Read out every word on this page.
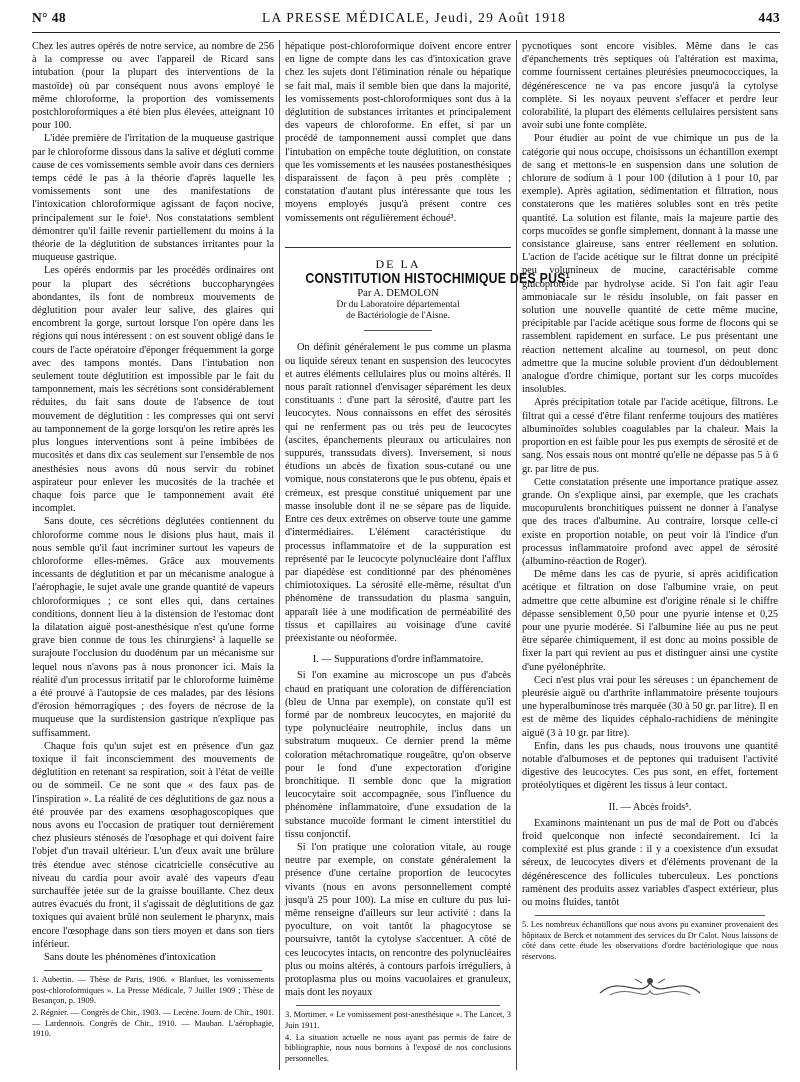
N° 48	LA PRESSE MÉDICALE, Jeudi, 29 Août 1918	443

Chez les autres opérés de notre service, au nombre de 256 à la compresse ou avec l'appareil de Ricard sans intubation (pour la plupart des interventions de la mastoïde) où par conséquent nous avons employé le même chloroforme, la proportion des vomissements postchloroformiques a été bien plus élevées, atteignant 10 pour 100.

L'idée première de l'irritation de la muqueuse gastrique par le chloroforme dissous dans la salive et dégluti comme cause de ces vomissements semble avoir dans ces derniers temps cédé le pas à la théorie d'après laquelle les vomissements sont une des manifestations de l'intoxication chloroformique agissant de façon nocive, principalement sur le foie¹. Nos constatations semblent démontrer qu'il faille revenir partiellement du moins à la théorie de la déglutition de substances irritantes pour la muqueuse gastrique.

Les opérés endormis par les procédés ordinaires ont pour la plupart des sécrétions buccopharyngées abondantes, ils font de nombreux mouvements de déglutition pour avaler leur salive, des glaires qui encombrent la gorge, surtout lorsque l'on opère dans les régions qui nous intéressent : on est souvent obligé dans le cours de l'acte opératoire d'éponger fréquemment la gorge avec des tampons montés. Dans l'intubation non seulement toute déglutition est impossible par le fait du tamponnement, mais les sécrétions sont considérablement réduites, du fait sans doute de l'absence de tout mouvement de déglutition : les compresses qui ont servi au tamponnement de la gorge lorsqu'on les retire après les plus longues interventions sont à peine imbibées de mucosités et dans dix cas seulement sur l'ensemble de nos anesthésies nous avons dû nous servir du robinet aspirateur pour enlever les mucosités de la trachée et chaque fois parce que le tamponnement avait été incomplet.

Sans doute, ces sécrétions déglutées contiennent du chloroforme comme nous le disions plus haut, mais il nous semble qu'il faut incriminer surtout les vapeurs de chloroforme elles-mêmes. Grâce aux mouvements incessants de déglutition et par un mécanisme analogue à l'aérophagie, le sujet avale une grande quantité de vapeurs chloroformiques ; ce sont elles qui, dans certaines conditions, donnent lieu à la distension de l'estomac dont la dilatation aiguë post-anesthésique n'est qu'une forme grave bien connue de tous les chirurgiens² à laquelle se surajoute l'occlusion du duodénum par un mécanisme sur lequel nous n'avons pas à nous prononcer ici. Mais la réalité d'un processus irritatif par le chloroforme luimême a été prouvé à l'autopsie de ces malades, par des lésions d'érosion hémorragiques ; des foyers de nécrose de la muqueuse que la surdistension gastrique n'explique pas suffisamment.

Chaque fois qu'un sujet est en présence d'un gaz toxique il fait inconsciemment des mouvements de déglutition en retenant sa respiration, soit à l'état de veille ou de sommeil. Ce ne sont que « des faux pas de l'inspiration ». La réalité de ces déglutitions de gaz nous a été prouvée par des examens œsophagoscopiques que nous avons eu l'occasion de pratiquer tout dernièrement chez plusieurs sténosés de l'œsophage et qui doivent faire l'objet d'un travail ultérieur. L'un d'eux avait une brûlure très étendue avec sténose cicatricielle consécutive au niveau du cardia pour avoir avalé des vapeurs d'eau surchauffée jetée sur de la graisse bouillante. Chez deux autres évacués du front, il s'agissait de déglutitions de gaz toxiques qui avaient brûlé non seulement le pharynx, mais encore l'œsophage dans son tiers moyen et dans son tiers inférieur.

Sans doute les phénomènes d'intoxication

1. Aubertin. — Thèse de Paris, 1906. « Blanluet, les vomissements post-chloroformiques ». La Presse Médicale, 7 Juillet 1909 ; Thèse de Besançon, p. 1909.

2. Régnier. — Congrès de Chir., 1903. — Lecène. Journ. de Chir., 1901. — Lardennois. Congrès de Chir., 1910. — Mauban. L'aérophagie, 1910.

hépatique post-chloroformique doivent encore entrer en ligne de compte dans les cas d'intoxication grave chez les sujets dont l'élimination rénale ou hépatique se fait mal, mais il semble bien que dans la majorité, les vomissements post-chloroformiques sont dus à la déglutition de substances irritantes et principalement des vapeurs de chloroforme. En effet, si par un procédé de tamponnement aussi complet que dans l'intubation on empêche toute déglutition, on constate que les vomissements et les nausées postanesthésiques disparaissent de façon à peu près complète ; constatation d'autant plus intéressante que tous les moyens employés jusqu'à présent contre ces vomissements ont régulièrement échoué³.

DE LA
CONSTITUTION HISTOCHIMIQUE DES PUS¹
Par A. DEMOLON
Dr du Laboratoire départemental
de Bactériologie de l'Aisne.

On définit généralement le pus comme un plasma ou liquide séreux tenant en suspension des leucocytes et autres éléments cellulaires plus ou moins altérés. Il nous paraît rationnel d'envisager séparément les deux constituants : d'une part la sérosité, d'autre part les leucocytes. Nous connaissons en effet des sérosités qui ne renferment pas ou très peu de leucocytes (ascites, épanchements pleuraux ou articulaires non suppurés, transsudats divers). Inversement, si nous étudions un abcès de fixation sous-cutané ou une vomique, nous constaterons que le pus obtenu, épais et crémeux, est presque constitué uniquement par une masse insoluble dont il ne se sépare pas de liquide. Entre ces deux extrêmes on observe toute une gamme d'intermédiaires. L'élément caractéristique du processus inflammatoire et de la suppuration est représenté par le leucocyte polynucléaire dont l'afflux par diapédèse est conditionné par des phénomènes chimiotoxiques. La sérosité elle-même, résultat d'un phénomène de transsudation du plasma sanguin, apparaît liée à une modification de perméabilité des tissus et capillaires au voisinage d'une cavité préexistante ou néoformée.

I. — Suppurations d'ordre inflammatoire.

Si l'on examine au microscope un pus d'abcès chaud en pratiquant une coloration de différenciation (bleu de Unna par exemple), on constate qu'il est formé par de nombreux leucocytes, en majorité du type polynucléaire neutrophile, inclus dans un substratum muqueux. Ce dernier prend la même coloration métachromatique rougeâtre, qu'on observe pour le fond d'une expectoration d'origine bronchitique. Il semble donc que la migration leucocytaire soit accompagnée, sous l'influence du phénomène inflammatoire, d'une exsudation de la substance mucoïde formant le ciment interstitiel du tissu conjonctif.

Si l'on pratique une coloration vitale, au rouge neutre par exemple, on constate généralement la présence d'une certaine proportion de leucocytes vivants (nous en avons personnellement compté jusqu'à 25 pour 100). La mise en culture du pus lui-même renseigne d'ailleurs sur leur activité : dans la pyoculture, on voit tantôt la phagocytose se poursuivre, tantôt la cytolyse s'accentuer. A côté de ces leucocytes intacts, on rencontre des polynucléaires plus ou moins altérés, à contours parfois irréguliers, à protoplasma plus ou moins vacuolaires et granuleux, mais dont les noyaux

3. Mortimer. « Le vomissement post-anesthésique ». The Lancet, 3 Juin 1911.

4. La situation actuelle ne nous ayant pas permis de faire de bibliographie, nous nous bornons à l'exposé de nos conclusions personnelles.

pycnotiques sont encore visibles. Même dans le cas d'épanchements très septiques où l'altération est maxima, comme fournissent certaines pleurésies pneumococciques, la dégénérescence ne va pas encore jusqu'à la cytolyse complète. Si les noyaux peuvent s'effacer et perdre leur colorabilité, la plupart des éléments cellulaires persistent sans avoir subi une fonte complète.

Pour étudier au point de vue chimique un pus de la catégorie qui nous occupe, choisissons un échantillon exempt de sang et mettons-le en suspension dans une solution de chlorure de sodium à 1 pour 100 (dilution à 1 pour 10, par exemple). Après agitation, sédimentation et filtration, nous constaterons que les matières solubles sont en très petite quantité. La solution est filante, mais la majeure partie des corps mucoïdes se gonfle simplement, donnant à la masse une consistance glaireuse, sans entrer réellement en solution. L'action de l'acide acétique sur le filtrat donne un précipité peu volumineux de mucine, caractérisable comme glucoprotéide par hydrolyse acide. Si l'on fait agir l'eau ammoniacale sur le résidu insoluble, on fait passer en solution une nouvelle quantité de cette même mucine, précipitable par l'acide acétique sous forme de flocons qui se rassemblent rapidement en surface. Le pus présentant une réaction nettement alcaline au tournesol, on peut donc admettre que la mucine soluble provient d'un dédoublement analogue d'ordre chimique, portant sur les corps mucoïdes insolubles.

Après précipitation totale par l'acide acétique, filtrons. Le filtrat qui a cessé d'être filant renferme toujours des matières albuminoïdes solubles coagulables par la chaleur. Mais la proportion en est faible pour les pus exempts de sérosité et de sang. Nos essais nous ont montré qu'elle ne dépasse pas 5 à 6 gr. par litre de pus.

Cette constatation présente une importance pratique assez grande. On s'explique ainsi, par exemple, que les crachats mucopurulents bronchitiques puissent ne donner à l'analyse que des traces d'albumine. Au contraire, lorsque celle-ci existe en proportion notable, on peut voir là l'indice d'un processus inflammatoire profond avec appel de sérosité (albumino-réaction de Roger).

De même dans les cas de pyurie, si après acidification acétique et filtration on dose l'albumine vraie, on peut admettre que cette albumine est d'origine rénale si le chiffre dépasse sensiblement 0,50 pour une pyurie intense et 0,25 pour une pyurie modérée. Si l'albumine liée au pus ne peut être séparée chimiquement, il est donc au moins possible de fixer la part qui revient au pus et distinguer ainsi une cystite d'une pyélonéphrite.

Ceci n'est plus vrai pour les séreuses : un épanchement de pleurésie aiguë ou d'arthrite inflammatoire présente toujours une hyperalbuminose très marquée (30 à 50 gr. par litre). Il en est de même des liquides céphalo-rachidiens de méningite aiguë (3 à 10 gr. par litre).

Enfin, dans les pus chauds, nous trouvons une quantité notable d'albumoses et de peptones qui traduisent l'activité digestive des leucocytes. Ces pus sont, en effet, fortement protéolytiques et digèrent les tissus à leur contact.

II. — Abcès froids⁵.

Examinons maintenant un pus de mal de Pott ou d'abcès froid quelconque non infecté secondairement. Ici la complexité est plus grande : il y a coexistence d'un exsudat séreux, de leucocytes divers et d'éléments provenant de la dégénérescence des follicules tuberculeux. Les ponctions ramènent des produits assez variables d'aspect extérieur, plus ou moins fluides, tantôt

5. Les nombreux échantillons que nous avons pu examiner provenaient des hôpitaux de Berck et notamment des services du Dr Calot. Nous laissons de côté dans cette étude les observations d'ordre bactériologique que nous réservons.
